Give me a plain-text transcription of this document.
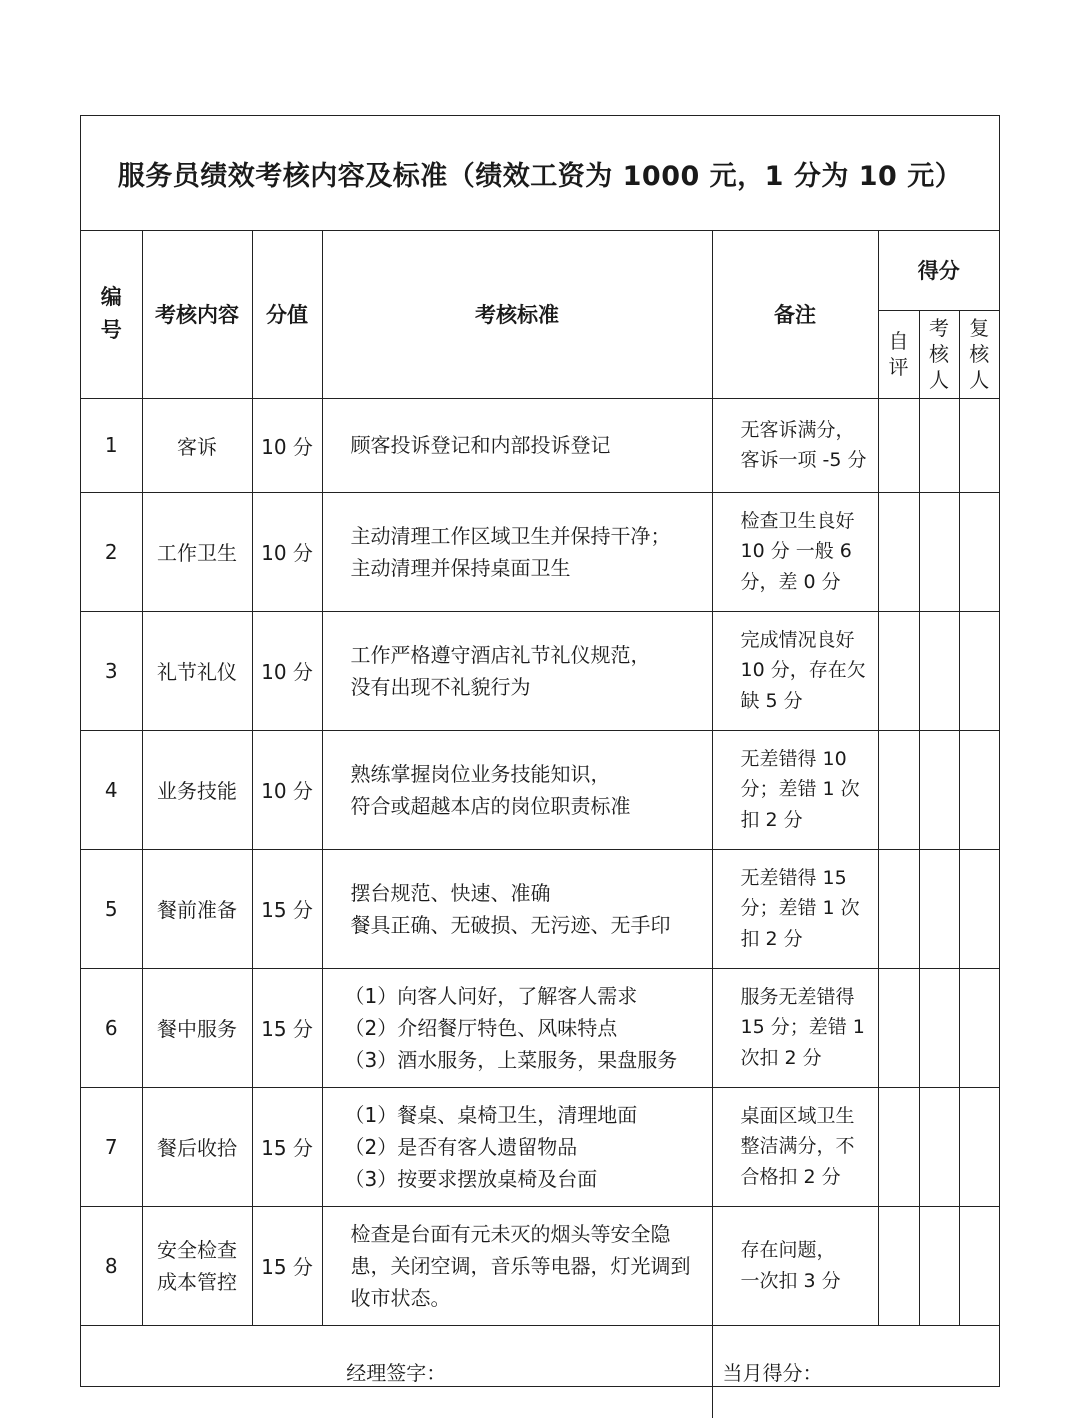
服务员绩效考核内容及标准（绩效工资为 1000 元，1 分为 10 元）
编号	考核内容	分值	考核标准	备注	得分		
					自评	考核人	复核人
1	客诉	10 分	顾客投诉登记和内部投诉登记	无客诉满分，
客诉一项 -5 分			

2	工作卫生	10 分	主动清理工作区域卫生并保持干净；
主动清理并保持桌面卫生	检查卫生良好
10 分 一般 6
分，差 0 分			

3	礼节礼仪	10 分	工作严格遵守酒店礼节礼仪规范，
没有出现不礼貌行为	完成情况良好
10 分，存在欠
缺 5 分			

4	业务技能	10 分	熟练掌握岗位业务技能知识，
符合或超越本店的岗位职责标准	无差错得 10
分；差错 1 次
扣 2 分			

5	餐前准备	15 分	摆台规范、快速、准确
餐具正确、无破损、无污迹、无手印	无差错得 15
分；差错 1 次
扣 2 分			

6	餐中服务	15 分	（1）向客人问好，了解客人需求
（2）介绍餐厅特色、风味特点
（3）酒水服务，上菜服务，果盘服务	服务无差错得
15 分；差错 1
次扣 2 分			

7	餐后收拾	15 分	（1）餐桌、桌椅卫生，清理地面
（2）是否有客人遗留物品
（3）按要求摆放桌椅及台面	桌面区域卫生
整洁满分，不
合格扣 2 分			

8	安全检查成本管控	15 分	检查是台面有元未灭的烟头等安全隐患，关闭空调，音乐等电器，灯光调到收市状态。	存在问题，
一次扣 3 分			

经理签字：				当月得分：			
